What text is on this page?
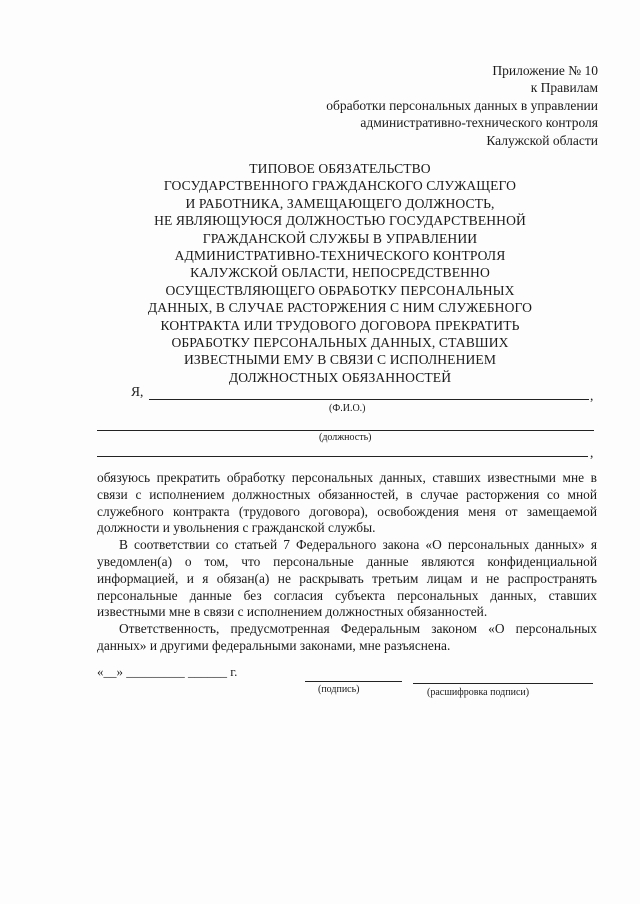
Приложение № 10
к Правилам
обработки персональных данных в управлении
административно-технического контроля
Калужской области
ТИПОВОЕ ОБЯЗАТЕЛЬСТВО
ГОСУДАРСТВЕННОГО ГРАЖДАНСКОГО СЛУЖАЩЕГО
И РАБОТНИКА, ЗАМЕЩАЮЩЕГО ДОЛЖНОСТЬ,
НЕ ЯВЛЯЮЩУЮСЯ ДОЛЖНОСТЬЮ ГОСУДАРСТВЕННОЙ
ГРАЖДАНСКОЙ СЛУЖБЫ В УПРАВЛЕНИИ
АДМИНИСТРАТИВНО-ТЕХНИЧЕСКОГО КОНТРОЛЯ
КАЛУЖСКОЙ ОБЛАСТИ, НЕПОСРЕДСТВЕННО
ОСУЩЕСТВЛЯЮЩЕГО ОБРАБОТКУ ПЕРСОНАЛЬНЫХ
ДАННЫХ, В СЛУЧАЕ РАСТОРЖЕНИЯ С НИМ СЛУЖЕБНОГО
КОНТРАКТА ИЛИ ТРУДОВОГО ДОГОВОРА ПРЕКРАТИТЬ
ОБРАБОТКУ ПЕРСОНАЛЬНЫХ ДАННЫХ, СТАВШИХ
ИЗВЕСТНЫМИ ЕМУ В СВЯЗИ С ИСПОЛНЕНИЕМ
ДОЛЖНОСТНЫХ ОБЯЗАННОСТЕЙ
Я,	,
(Ф.И.О.)
(должность)
,

обязуюсь прекратить обработку персональных данных, ставших известными мне в связи с исполнением должностных обязанностей, в случае расторжения со мной служебного контракта (трудового договора), освобождения меня от замещаемой должности и увольнения с гражданской службы.

В соответствии со статьей 7 Федерального закона «О персональных данных» я уведомлен(а) о том, что персональные данные являются конфиденциальной информацией, и я обязан(а) не раскрывать третьим лицам и не распространять персональные данные без согласия субъекта персональных данных, ставших известными мне в связи с исполнением должностных обязанностей.

Ответственность, предусмотренная Федеральным законом «О персональных данных» и другими федеральными законами, мне разъяснена.

«__» _________ ______ г.
(подпись)	(расшифровка подписи)
